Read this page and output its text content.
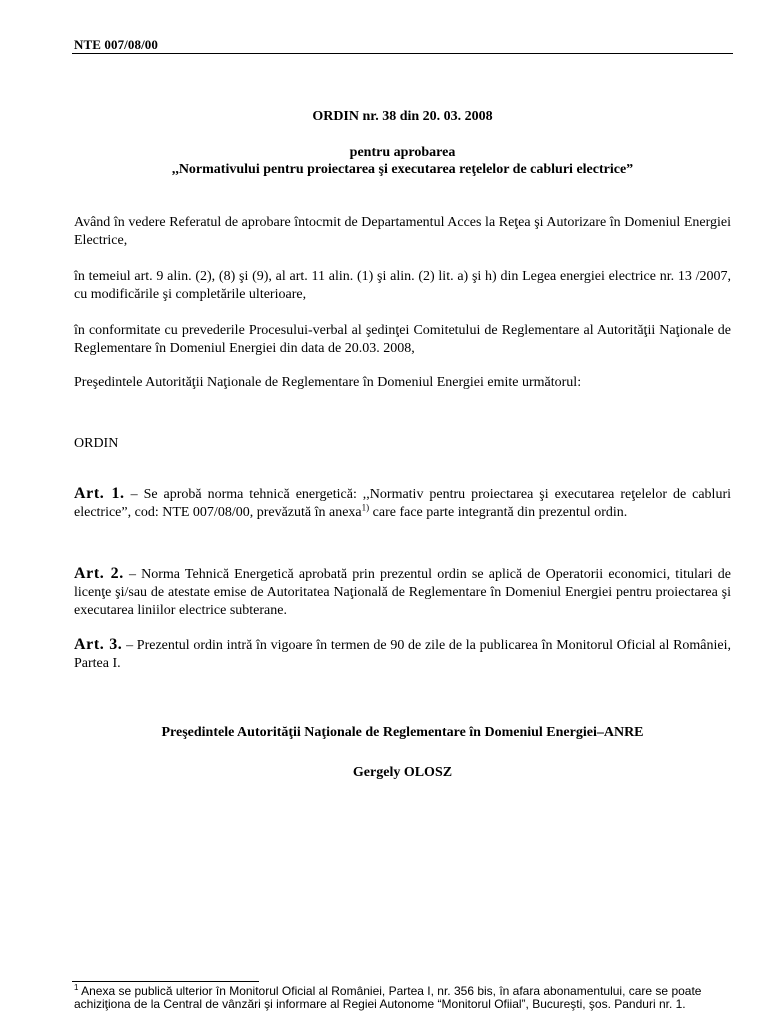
NTE 007/08/00
ORDIN nr. 38 din 20. 03. 2008
pentru aprobarea
,,Normativului pentru proiectarea şi executarea reţelelor de cabluri electrice”
Având în vedere Referatul de aprobare întocmit de Departamentul Acces la Reţea şi Autorizare în Domeniul Energiei Electrice,
în temeiul art. 9 alin. (2), (8) şi (9), al art. 11 alin. (1) şi alin. (2) lit. a) şi h) din Legea energiei electrice nr. 13 /2007, cu modificările şi completările ulterioare,
în conformitate cu prevederile Procesului-verbal al şedinţei Comitetului de Reglementare al Autorităţii Naţionale de Reglementare în Domeniul Energiei din data de 20.03. 2008,
Preşedintele Autorităţii Naţionale de Reglementare în Domeniul Energiei emite următorul:
ORDIN
Art. 1. – Se aprobă norma tehnică energetică: ,,Normativ pentru proiectarea şi executarea reţelelor de cabluri electrice”, cod: NTE 007/08/00, prevăzută în anexa$^{1)}$ care face parte integrantă din prezentul ordin.
Art. 2. – Norma Tehnică Energetică aprobată prin prezentul ordin se aplică de Operatorii economici, titulari de licenţe şi/sau de atestate emise de Autoritatea Naţională de Reglementare în Domeniul Energiei pentru proiectarea şi executarea liniilor electrice subterane.
Art. 3. – Prezentul ordin intră în vigoare în termen de 90 de zile de la publicarea în Monitorul Oficial al României, Partea I.
Preşedintele Autorităţii Naţionale de Reglementare în Domeniul Energiei–ANRE
Gergely OLOSZ
$^1$ Anexa se publică ulterior în Monitorul Oficial al României, Partea I, nr. 356 bis, în afara abonamentului, care se poate achiziţiona de la Central de vânzări şi informare al Regiei Autonome “Monitorul Ofiial”, Bucureşti, şos. Panduri nr. 1.
